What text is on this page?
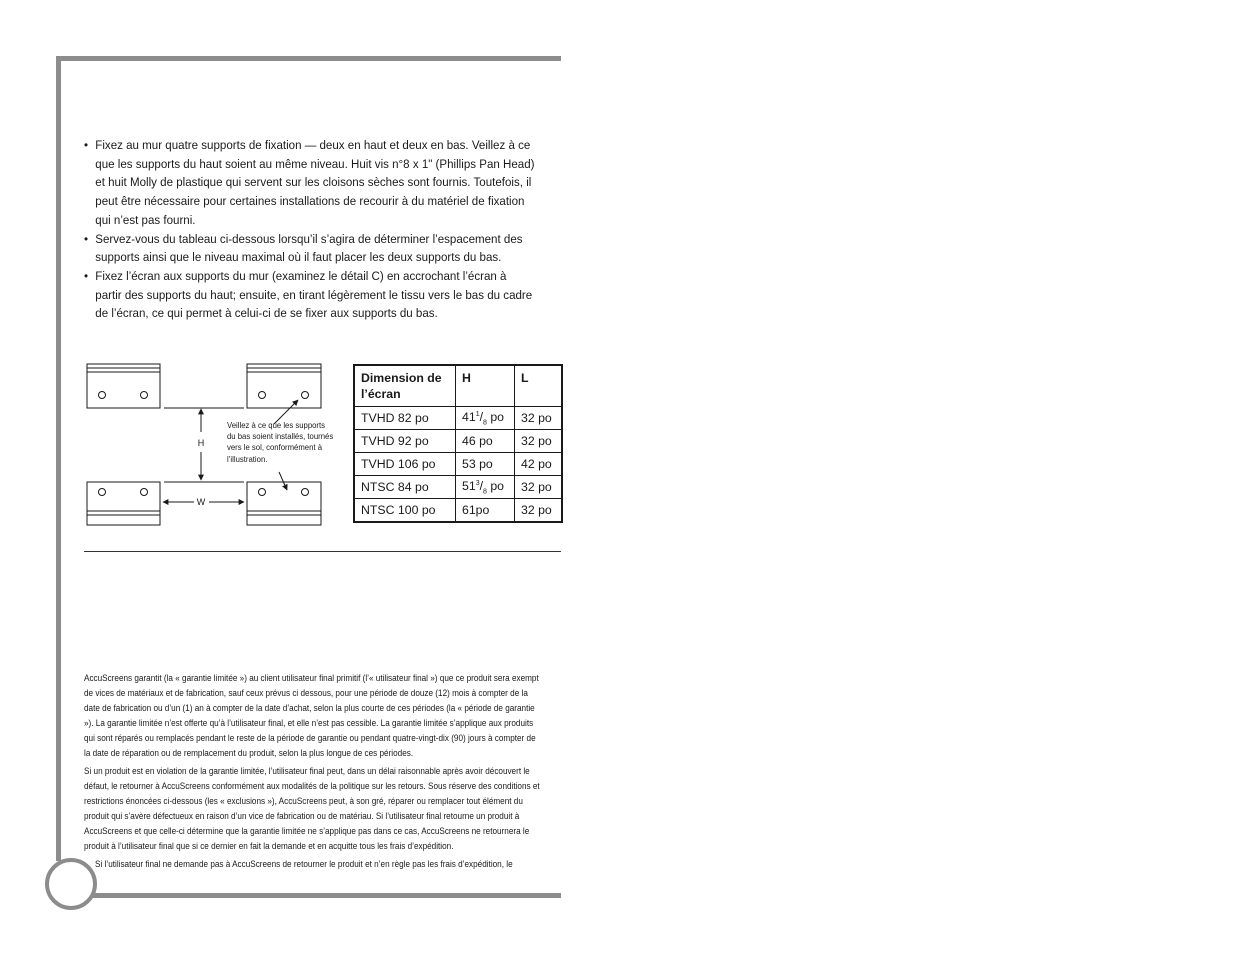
• Fixez au mur quatre supports de fixation — deux en haut et deux en bas. Veillez à ce que les supports du haut soient au même niveau. Huit vis n°8 x 1" (Phillips Pan Head) et huit Molly de plastique qui servent sur les cloisons sèches sont fournis. Toutefois, il peut être nécessaire pour certaines installations de recourir à du matériel de fixation qui n’est pas fourni.
• Servez-vous du tableau ci-dessous lorsqu’il s’agira de déterminer l’espacement des supports ainsi que le niveau maximal où il faut placer les deux supports du bas.
• Fixez l’écran aux supports du mur (examinez le détail C) en accrochant l’écran à partir des supports du haut; ensuite, en tirant légèrement le tissu vers le bas du cadre de l’écran, ce qui permet à celui-ci de se fixer aux supports du bas.
H
W
Veillez à ce que les supports du bas soient installés, tournés vers le sol, conformément à l’illustration.
Dimension de l’écran	H	L
TVHD 82 po	$41^1/_8$ po	32 po
TVHD 92 po	46 po	32 po
TVHD 106 po	53 po	42 po
NTSC 84 po	$51^3/_8$ po	32 po
NTSC 100 po	61po	32 po

AccuScreens garantit (la « garantie limitée ») au client utilisateur final primitif (l’« utilisateur final ») que ce produit sera exempt de vices de matériaux et de fabrication, sauf ceux prévus ci dessous, pour une période de douze (12) mois à compter de la date de fabrication ou d’un (1) an à compter de la date d’achat, selon la plus courte de ces périodes (la « période de garantie »). La garantie limitée n’est offerte qu’à l’utilisateur final, et elle n’est pas cessible. La garantie limitée s’applique aux produits qui sont réparés ou remplacés pendant le reste de la période de garantie ou pendant quatre-vingt-dix (90) jours à compter de la date de réparation ou de remplacement du produit, selon la plus longue de ces périodes.

Si un produit est en violation de la garantie limitée, l’utilisateur final peut, dans un délai raisonnable après avoir découvert le défaut, le retourner à AccuScreens conformément aux modalités de la politique sur les retours. Sous réserve des conditions et restrictions énoncées ci-dessous (les « exclusions »), AccuScreens peut, à son gré, réparer ou remplacer tout élément du produit qui s’avère défectueux en raison d’un vice de fabrication ou de matériau. Si l’utilisateur final retourne un produit à AccuScreens et que celle-ci détermine que la garantie limitée ne s’applique pas dans ce cas, AccuScreens ne retournera le produit à l’utilisateur final que si ce dernier en fait la demande et en acquitte tous les frais d’expédition.

Si l’utilisateur final ne demande pas à AccuScreens de retourner le produit et n’en règle pas les frais d’expédition, le
